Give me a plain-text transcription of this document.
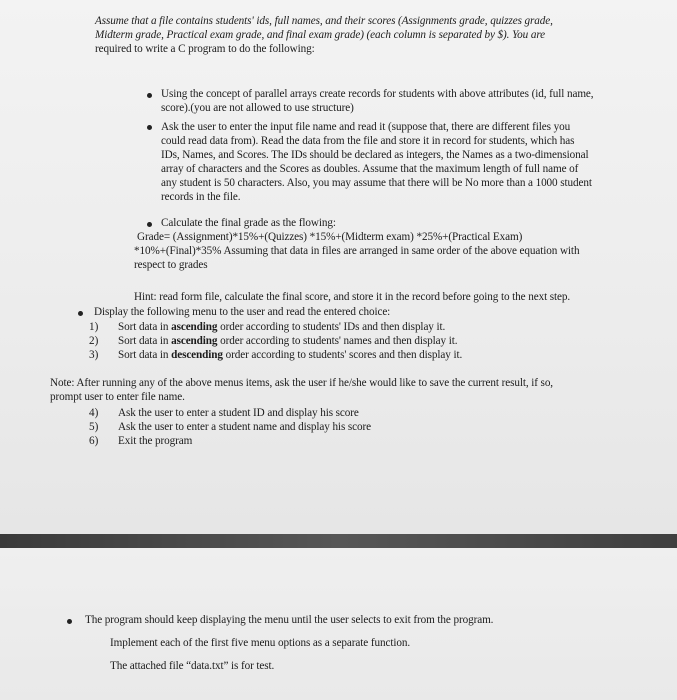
Assume that a file contains students' ids, full names, and their scores (Assignments grade, quizzes grade,
Midterm grade, Practical exam grade, and final exam grade) (each column is separated by $). You are
required to write a C program to do the following:
Using the concept of parallel arrays create records for students with above attributes (id, full name,
score).(you are not allowed to use structure)
Ask the user to enter the input file name and read it (suppose that, there are different files you
could read data from). Read the data from the file and store it in record for students, which has
IDs, Names, and Scores. The IDs should be declared as integers, the Names as a two-dimensional
array of characters and the Scores as doubles. Assume that the maximum length of full name of
any student is 50 characters. Also, you may assume that there will be No more than a 1000 student
records in the file.
Calculate the final grade as the flowing:
Grade= (Assignment)*15%+(Quizzes) *15%+(Midterm exam) *25%+(Practical Exam)
*10%+(Final)*35% Assuming that data in files are arranged in same order of the above equation with
respect to grades
Hint: read form file, calculate the final score, and store it in the record before going to the next step.
Display the following menu to the user and read the entered choice:
1) Sort data in ascending order according to students' IDs and then display it.
2) Sort data in ascending order according to students' names and then display it.
3) Sort data in descending order according to students' scores and then display it.
Note: After running any of the above menus items, ask the user if he/she would like to save the current result, if so,
prompt user to enter file name.
4) Ask the user to enter a student ID and display his score
5) Ask the user to enter a student name and display his score
6) Exit the program
The program should keep displaying the menu until the user selects to exit from the program.
Implement each of the first five menu options as a separate function.
The attached file “data.txt” is for test.
